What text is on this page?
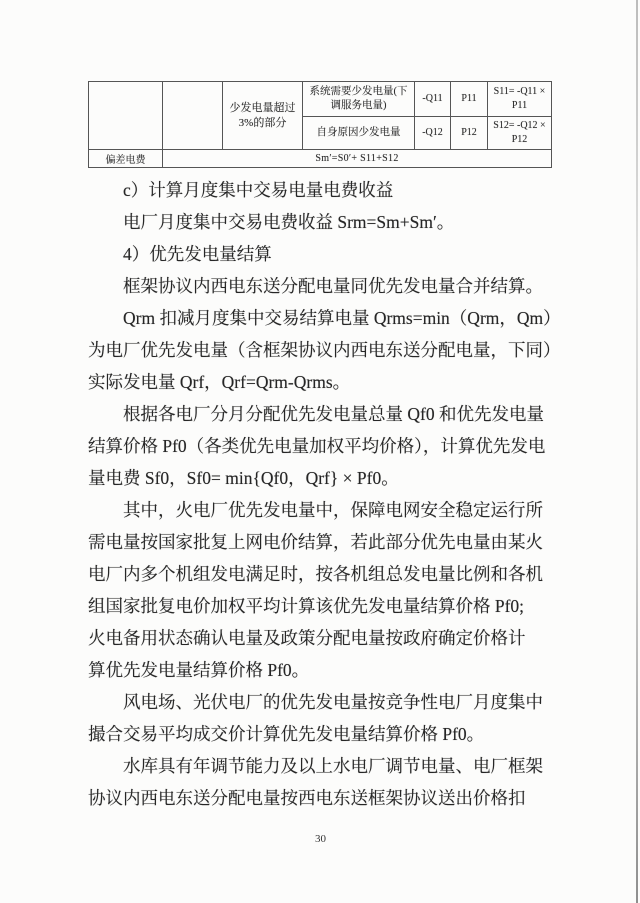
		少发电量超过 3%的部分	系统需要少发电量(下调服务电量)	-Q11	P11	S11= -Q11 × P11
			自身原因少发电量	-Q12	P12	S12= -Q12 × P12
偏差电费	Sm′=S0′+ S11+S12					
c）计算月度集中交易电量电费收益
电厂月度集中交易电费收益 Srm=Sm+Sm′。
4）优先发电量结算
框架协议内西电东送分配电量同优先发电量合并结算。
Qrm 扣减月度集中交易结算电量 Qrms=min（Qrm，Qm）
为电厂优先发电量（含框架协议内西电东送分配电量，下同）
实际发电量 Qrf，Qrf=Qrm-Qrms。
根据各电厂分月分配优先发电量总量 Qf0 和优先发电量
结算价格 Pf0（各类优先电量加权平均价格），计算优先发电
量电费 Sf0，Sf0= min{Qf0，Qrf} × Pf0。
其中，火电厂优先发电量中，保障电网安全稳定运行所
需电量按国家批复上网电价结算，若此部分优先电量由某火
电厂内多个机组发电满足时，按各机组总发电量比例和各机
组国家批复电价加权平均计算该优先发电量结算价格 Pf0;
火电备用状态确认电量及政策分配电量按政府确定价格计
算优先发电量结算价格 Pf0。
风电场、光伏电厂的优先发电量按竞争性电厂月度集中
撮合交易平均成交价计算优先发电量结算价格 Pf0。
水库具有年调节能力及以上水电厂调节电量、电厂框架
协议内西电东送分配电量按西电东送框架协议送出价格扣
30
